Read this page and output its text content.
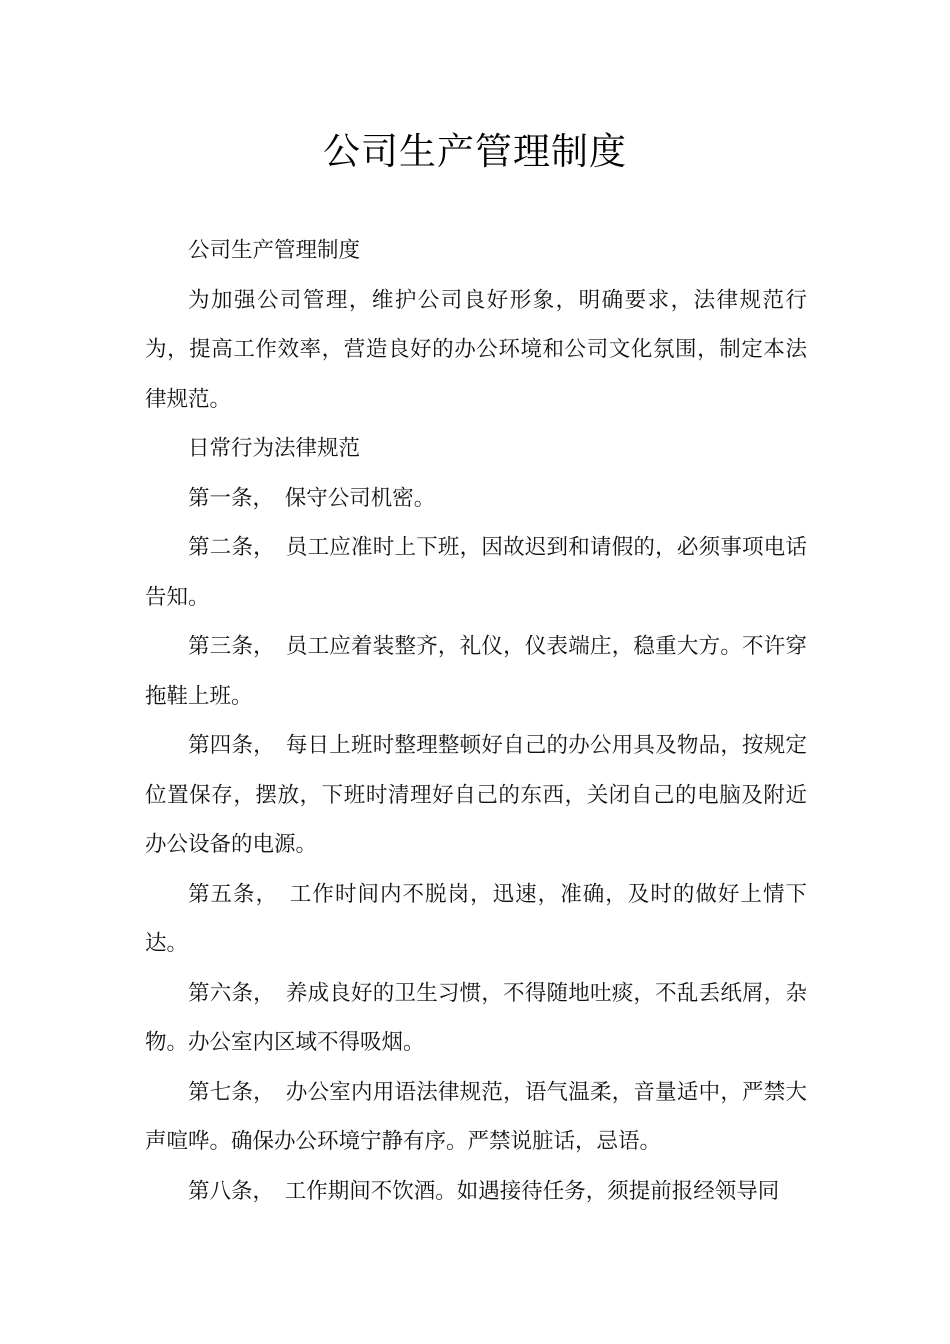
公司生产管理制度

公司生产管理制度

为加强公司管理，维护公司良好形象，明确要求，法律规范行为，提高工作效率，营造良好的办公环境和公司文化氛围，制定本法律规范。

日常行为法律规范

第一条，　保守公司机密。

第二条，　员工应准时上下班，因故迟到和请假的，必须事项电话告知。

第三条，　员工应着装整齐，礼仪，仪表端庄，稳重大方。不许穿拖鞋上班。

第四条，　每日上班时整理整顿好自己的办公用具及物品，按规定位置保存，摆放，下班时清理好自己的东西，关闭自己的电脑及附近办公设备的电源。

第五条，　工作时间内不脱岗，迅速，准确，及时的做好上情下达。

第六条，　养成良好的卫生习惯，不得随地吐痰，不乱丢纸屑，杂物。办公室内区域不得吸烟。

第七条，　办公室内用语法律规范，语气温柔，音量适中，严禁大声喧哗。确保办公环境宁静有序。严禁说脏话，忌语。

第八条，　工作期间不饮酒。如遇接待任务，须提前报经领导同
